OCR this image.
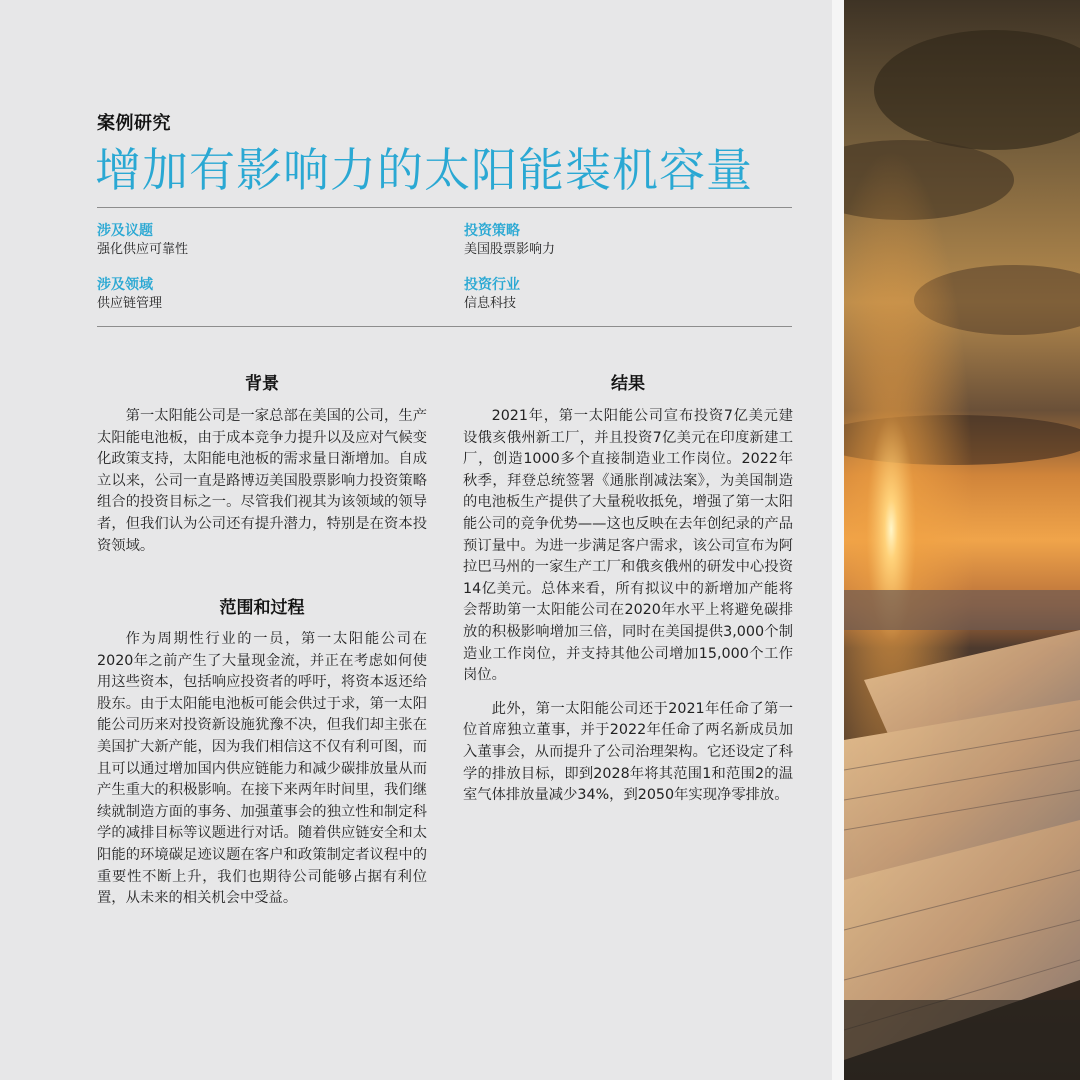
案例研究
增加有影响力的太阳能装机容量
涉及议题
强化供应可靠性
投资策略
美国股票影响力
涉及领域
供应链管理
投资行业
信息科技
背景

第一太阳能公司是一家总部在美国的公司，生产太阳能电池板，由于成本竞争力提升以及应对气候变化政策支持，太阳能电池板的需求量日渐增加。自成立以来，公司一直是路博迈美国股票影响力投资策略组合的投资目标之一。尽管我们视其为该领域的领导者，但我们认为公司还有提升潜力，特别是在资本投资领域。

范围和过程

作为周期性行业的一员，第一太阳能公司在2020年之前产生了大量现金流，并正在考虑如何使用这些资本，包括响应投资者的呼吁，将资本返还给股东。由于太阳能电池板可能会供过于求，第一太阳能公司历来对投资新设施犹豫不决，但我们却主张在美国扩大新产能，因为我们相信这不仅有利可图，而且可以通过增加国内供应链能力和减少碳排放量从而产生重大的积极影响。在接下来两年时间里，我们继续就制造方面的事务、加强董事会的独立性和制定科学的减排目标等议题进行对话。随着供应链安全和太阳能的环境碳足迹议题在客户和政策制定者议程中的重要性不断上升，我们也期待公司能够占据有利位置，从未来的相关机会中受益。

结果

2021年，第一太阳能公司宣布投资7亿美元建设俄亥俄州新工厂，并且投资7亿美元在印度新建工厂，创造1000多个直接制造业工作岗位。2022年秋季，拜登总统签署《通胀削减法案》，为美国制造的电池板生产提供了大量税收抵免，增强了第一太阳能公司的竞争优势——这也反映在去年创纪录的产品预订量中。为进一步满足客户需求，该公司宣布为阿拉巴马州的一家生产工厂和俄亥俄州的研发中心投资14亿美元。总体来看，所有拟议中的新增加产能将会帮助第一太阳能公司在2020年水平上将避免碳排放的积极影响增加三倍，同时在美国提供3,000个制造业工作岗位，并支持其他公司增加15,000个工作岗位。

此外，第一太阳能公司还于2021年任命了第一位首席独立董事，并于2022年任命了两名新成员加入董事会，从而提升了公司治理架构。它还设定了科学的排放目标，即到2028年将其范围1和范围2的温室气体排放量减少34%，到2050年实现净零排放。
